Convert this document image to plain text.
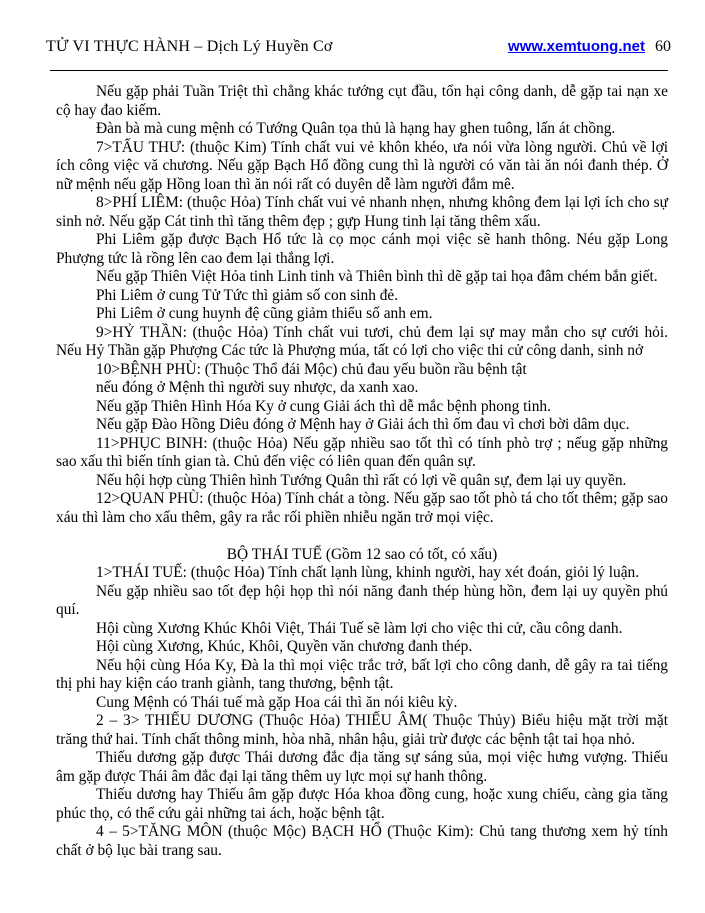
TỬ VI THỰC HÀNH – Dịch Lý Huyền Cơ	www.xemtuong.net 60

Nếu gặp phải Tuần Triệt thì chẳng khác tướng cụt đầu, tổn hại công danh, dễ gặp tai nạn xe cộ hay đao kiếm.

Đàn bà mà cung mệnh có Tướng Quân tọa thủ là hạng hay ghen tuông, lấn át chồng.

7>TẤU THƯ: (thuộc Kim) Tính chất vui vẻ khôn khéo, ưa nói vừa lòng người. Chủ về lợi ích công việc vă chương. Nếu gặp Bạch Hổ đồng cung thì là người có văn tài ăn nói đanh thép. Ở nữ mệnh nếu gặp Hồng loan thì ăn nói rất có duyên dễ làm người đắm mê.

8>PHÍ LIÊM: (thuộc Hỏa) Tính chất vui vẻ nhanh nhẹn, nhưng không đem lại lợi ích cho sự sinh nở. Nếu gặp Cát tinh thì tăng thêm đẹp ; gựp Hung tinh lại tăng thêm xấu.

Phi Liêm gặp được Bạch Hổ tức là cọ mọc cánh mọi việc sẽ hanh thông. Néu gặp Long Phượng tức là rồng lên cao đem lại thắng lợi.

Nếu gặp Thiên Việt Hỏa tinh Linh tinh và Thiên bình thì dẽ gặp tai họa đâm chém bắn giết.

Phi Liêm ở cung Tử Tức thì giảm số con sinh đẻ.

Phi Liêm ở cung huynh đệ cũng giảm thiểu số anh em.

9>HỶ THẦN: (thuộc Hỏa) Tính chất vui tươi, chủ đem lại sự may mắn cho sự cưới hỏi. Nếu Hỷ Thần gặp Phượng Các tức là Phượng múa, tất có lợi cho việc thi cử công danh, sinh nở

10>BỆNH PHÙ: (Thuộc Thổ đái Mộc) chủ đau yếu buồn rầu bệnh tật

nếu đóng ở Mệnh thì người suy nhược, da xanh xao.

Nếu gặp Thiên Hình Hóa Ky ở cung Giải ách thì dễ mắc bệnh phong tinh.

Nếu gặp Đào Hồng Diêu đóng ở Mệnh hay ở Giải ách thì ốm đau vì chơi bời dâm dục.

11>PHỤC BINH: (thuộc Hỏa) Nếu gặp nhiều sao tốt thì có tính phò trợ ; nếug gặp những sao xấu thì biến tính gian tà. Chủ đến việc có liên quan đến quân sự.

Nếu hội hợp cùng Thiên hình Tướng Quân thì rất có lợi về quân sự, đem lại uy quyền.

12>QUAN PHÙ: (thuộc Hỏa) Tính chát a tòng. Nếu gặp sao tốt phò tá cho tốt thêm; gặp sao xáu thì làm cho xấu thêm, gây ra rắc rối phiền nhiễu ngăn trở mọi việc.

BỘ THÁI TUẾ (Gồm 12 sao có tốt, có xấu)

1>THÁI TUẾ: (thuộc Hỏa) Tính chất lạnh lùng, khinh người, hay xét đoán, giỏi lý luận.

Nếu gặp nhiều sao tốt đẹp hội họp thì nói năng đanh thép hùng hồn, đem lại uy quyền phú quí.

Hội cùng Xương Khúc Khôi Việt, Thái Tuế sẽ làm lợi cho việc thi cử, cầu công danh.

Hội cùng Xương, Khúc, Khôi, Quyền văn chương đanh thép.

Nếu hội cùng Hóa Ky, Đà la thì mọi việc trắc trở, bất lợi cho công danh, dễ gây ra tai tiếng thị phi hay kiện cáo tranh giành, tang thương, bệnh tật.

Cung Mệnh có Thái tuế mà gặp Hoa cái thì ăn nói kiêu kỳ.

2 – 3> THIẾU DƯƠNG (Thuộc Hỏa) THIẾU ÂM( Thuộc Thủy) Biểu hiệu mặt trời mặt trăng thứ hai. Tính chất thông minh, hòa nhã, nhân hậu, giải trừ được các bệnh tật tai họa nhỏ.

Thiếu dương gặp được Thái dương đắc địa tăng sự sáng sủa, mọi việc hưng vượng. Thiếu âm gặp được Thái âm đắc đại lại tăng thêm uy lực mọi sự hanh thông.

Thiếu dương hay Thiếu âm gặp được Hóa khoa đồng cung, hoặc xung chiếu, càng gia tăng phúc thọ, có thể cứu gải những tai ách, hoặc bệnh tật.

4 – 5>TĂNG MÔN (thuộc Mộc) BẠCH HỔ (Thuộc Kim): Chủ tang thương xem hỷ tính chất ở bộ lục bài trang sau.
